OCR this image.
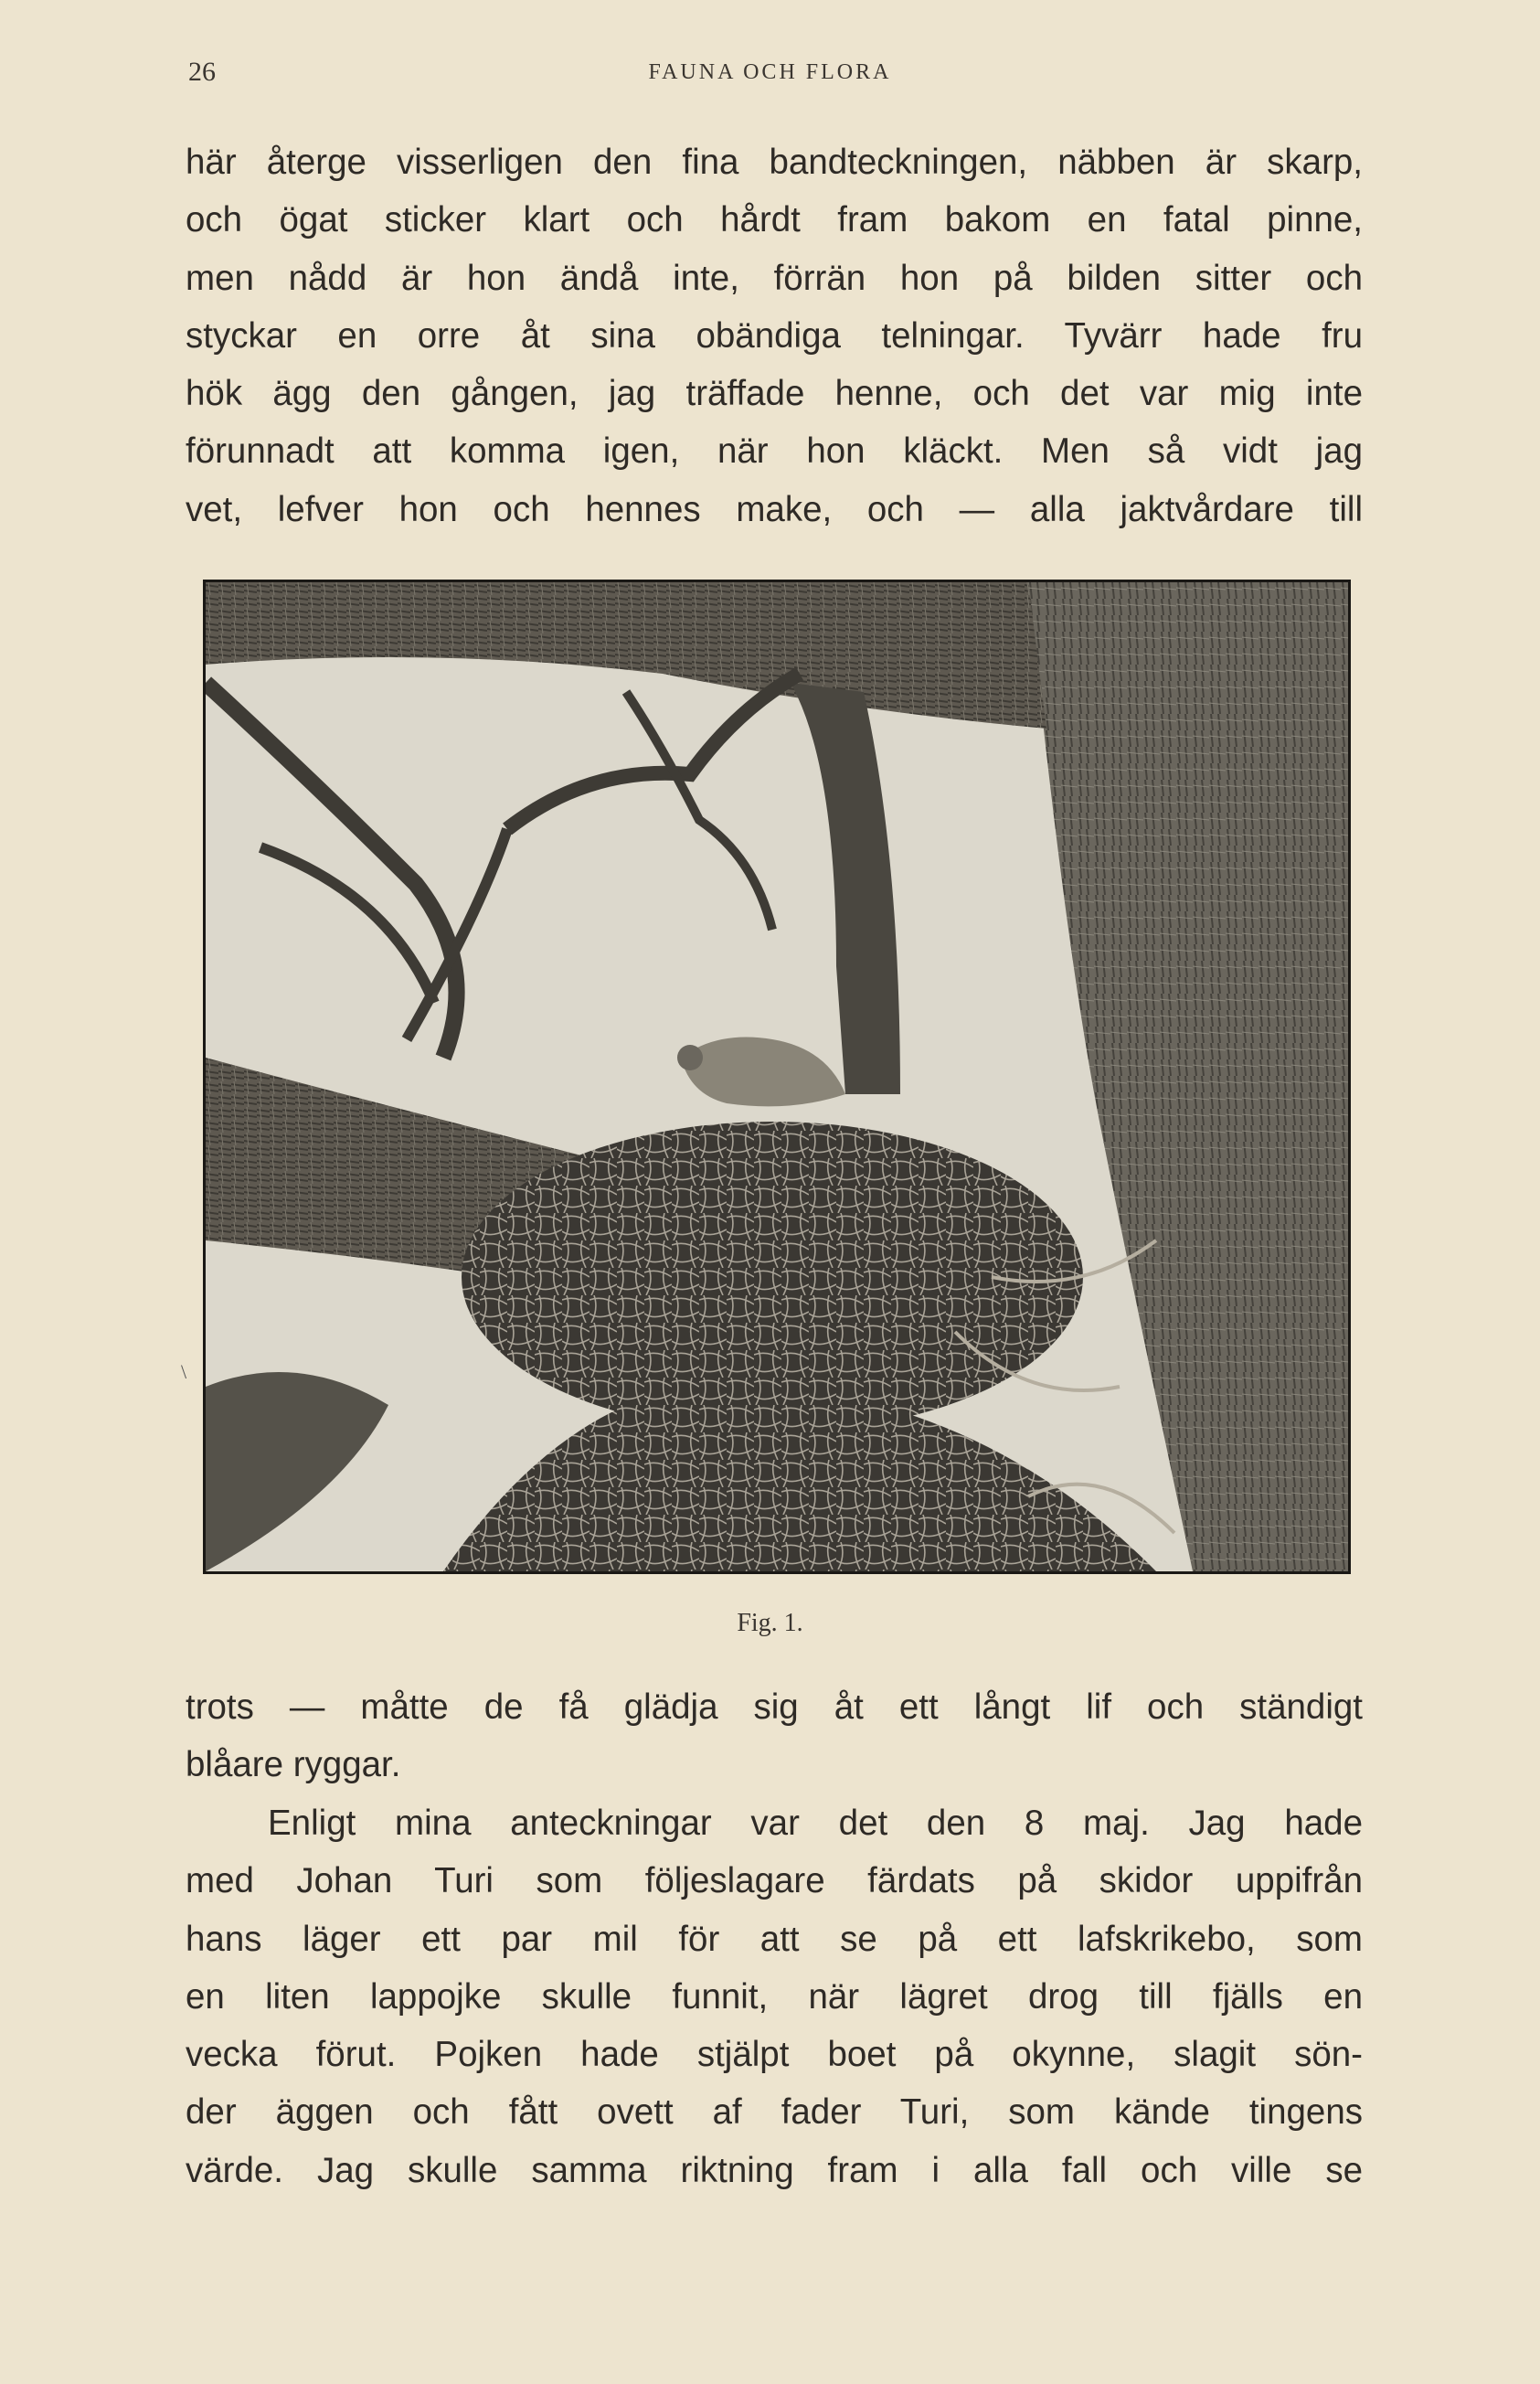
26	FAUNA OCH FLORA
här återge visserligen den fina bandteckningen, näbben är skarp,
och ögat sticker klart och hårdt fram bakom en fatal pinne,
men nådd är hon ändå inte, förrän hon på bilden sitter och
styckar en orre åt sina obändiga telningar. Tyvärr hade fru
hök ägg den gången, jag träffade henne, och det var mig inte
förunnadt att komma igen, när hon kläckt. Men så vidt jag
vet, lefver hon och hennes make, och — alla jaktvårdare till
Fig. 1.
\
trots — måtte de få glädja sig åt ett långt lif och ständigt
blåare ryggar.
Enligt mina anteckningar var det den 8 maj. Jag hade
med Johan Turi som följeslagare färdats på skidor uppifrån
hans läger ett par mil för att se på ett lafskrikebo, som
en liten lappojke skulle funnit, när lägret drog till fjälls en
vecka förut. Pojken hade stjälpt boet på okynne, slagit sön-
der äggen och fått ovett af fader Turi, som kände tingens
värde. Jag skulle samma riktning fram i alla fall och ville se
